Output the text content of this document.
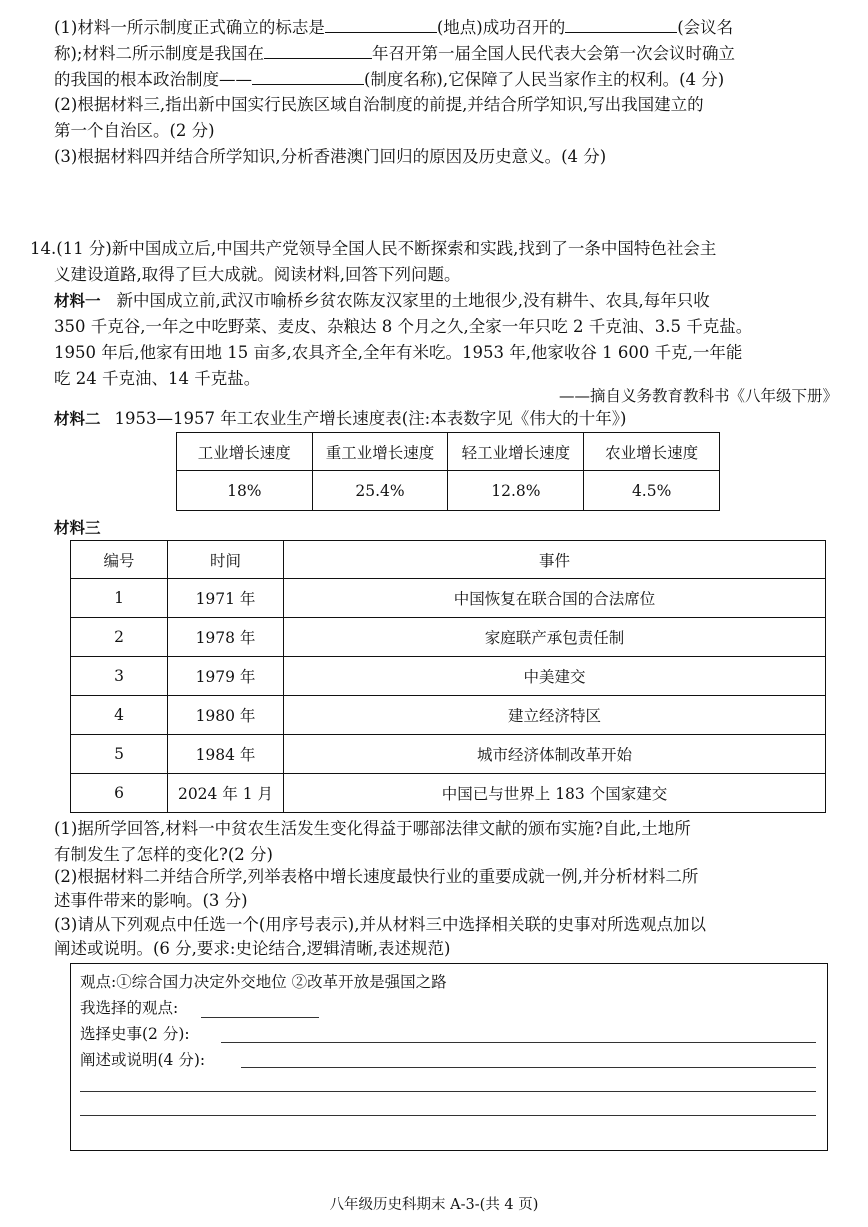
(1)材料一所示制度正式确立的标志是	(地点)成功召开的	(会议名
称);材料二所示制度是我国在	年召开第一届全国人民代表大会第一次会议时确立
的我国的根本政治制度——	(制度名称),它保障了人民当家作主的权利。(4 分)
(2)根据材料三,指出新中国实行民族区域自治制度的前提,并结合所学知识,写出我国建立的
第一个自治区。(2 分)
(3)根据材料四并结合所学知识,分析香港澳门回归的原因及历史意义。(4 分)
14.(11 分)新中国成立后,中国共产党领导全国人民不断探索和实践,找到了一条中国特色社会主
义建设道路,取得了巨大成就。阅读材料,回答下列问题。
材料一 新中国成立前,武汉市喻桥乡贫农陈友汉家里的土地很少,没有耕牛、农具,每年只收
350 千克谷,一年之中吃野菜、麦皮、杂粮达 8 个月之久,全家一年只吃 2 千克油、3.5 千克盐。
1950 年后,他家有田地 15 亩多,农具齐全,全年有米吃。1953 年,他家收谷 1 600 千克,一年能
吃 24 千克油、14 千克盐。
——摘自义务教育教科书《八年级下册》
材料二 1953—1957 年工农业生产增长速度表(注:本表数字见《伟大的十年》)
工业增长速度	重工业增长速度	轻工业增长速度	农业增长速度
18%	25.4%	12.8%	4.5%
材料三
编号	时间	事件
1	1971 年	中国恢复在联合国的合法席位
2	1978 年	家庭联产承包责任制
3	1979 年	中美建交
4	1980 年	建立经济特区
5	1984 年	城市经济体制改革开始
6	2024 年 1 月	中国已与世界上 183 个国家建交
(1)据所学回答,材料一中贫农生活发生变化得益于哪部法律文献的颁布实施?自此,土地所
有制发生了怎样的变化?(2 分)
(2)根据材料二并结合所学,列举表格中增长速度最快行业的重要成就一例,并分析材料二所
述事件带来的影响。(3 分)
(3)请从下列观点中任选一个(用序号表示),并从材料三中选择相关联的史事对所选观点加以
阐述或说明。(6 分,要求:史论结合,逻辑清晰,表述规范)
观点:①综合国力决定外交地位 ②改革开放是强国之路
我选择的观点:
选择史事(2 分):
阐述或说明(4 分):
八年级历史科期末 A-3-(共 4 页)
